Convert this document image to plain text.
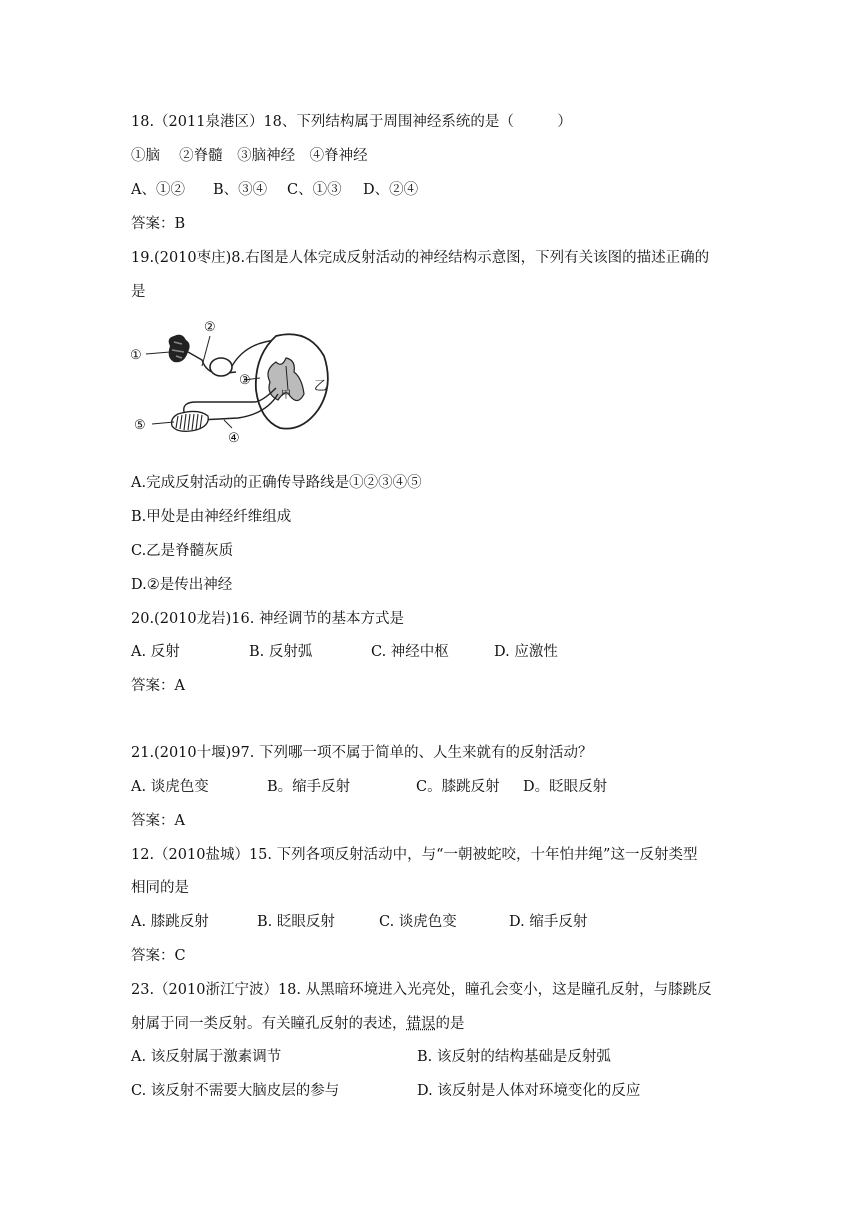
18.（2011泉港区）18、下列结构属于周围神经系统的是（　　　）
①脑　 ②脊髓　③脑神经　④脊神经
A、①② B、③④ C、①③ D、②④
答案：B
19.(2010枣庄)8.右图是人体完成反射活动的神经结构示意图，下列有关该图的描述正确的
是
①
②
③
④
⑤
甲
乙
A.完成反射活动的正确传导路线是①②③④⑤
B.甲处是由神经纤维组成
C.乙是脊髓灰质
D.②是传出神经
20.(2010龙岩)16. 神经调节的基本方式是
A. 反射	B. 反射弧	C. 神经中枢	D. 应激性
答案：A
21.(2010十堰)97. 下列哪一项不属于简单的、人生来就有的反射活动？
A. 谈虎色变	B。缩手反射	C。膝跳反射 D。眨眼反射
答案：A
12.（2010盐城）15. 下列各项反射活动中，与“一朝被蛇咬，十年怕井绳”这一反射类型
相同的是
A. 膝跳反射	B. 眨眼反射	C. 谈虎色变	D. 缩手反射
答案：C
23.（2010浙江宁波）18. 从黑暗环境进入光亮处，瞳孔会变小，这是瞳孔反射，与膝跳反
射属于同一类反射。有关瞳孔反射的表述，错误的是
A. 该反射属于激素调节	B. 该反射的结构基础是反射弧
C. 该反射不需要大脑皮层的参与	D. 该反射是人体对环境变化的反应
